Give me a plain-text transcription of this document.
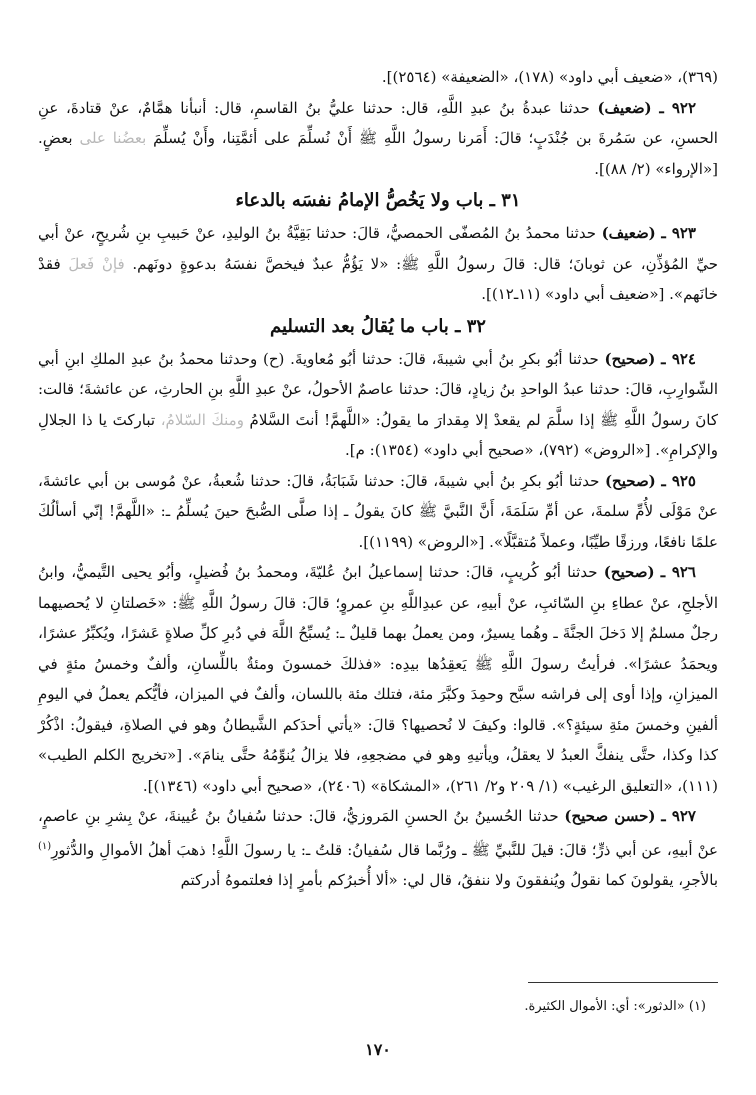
(٣٦٩)، «ضعيف أبي داود» (١٧٨)، «الضعيفة» (٢٥٦٤)].

٩٢٢ ـ (ضعيف) حدثنا عبدةُ بنُ عبدِ اللَّهِ، قال: حدثنا عليُّ بنُ القاسمِ، قال: أنبأنا همَّامٌ، عنْ قتادةَ، عنِ الحسنِ، عن سَمُرةَ بن جُنْدَبٍ؛ قالَ: أَمَرنا رسولُ اللَّهِ ﷺ أَنْ نُسلِّمَ على أئمَّتِنا، وأَنْ يُسلِّمَ بعضُنا على بعضٍ. [«الإرواء» (٢/ ٨٨)].

٣١ ـ باب ولا يَخُصُّ الإمامُ نفسَه بالدعاء

٩٢٣ ـ (ضعيف) حدثنا محمدُ بنُ المُصفّى الحمصيُّ، قالَ: حدثنا بَقِيَّةُ بنُ الوليدِ، عنْ حَبيبِ بنِ شُريحٍ، عنْ أبي حيِّ المُؤذِّنِ، عن ثوبانَ؛ قال: قالَ رسولُ اللَّهِ ﷺ: «لا يَؤُمُّ عبدٌ فيخصَّ نفسَهُ بدعوةٍ دونَهم. فإنْ فَعلَ فقدْ خانَهم». [«ضعيف أبي داود» (١١ـ١٢)].

٣٢ ـ باب ما يُقالُ بعد التسليم

٩٢٤ ـ (صحيح) حدثنا أبُو بكرِ بنُ أبي شيبةَ، قالَ: حدثنا أبُو مُعاويةَ. (ح) وحدثنا محمدُ بنُ عبدِ الملكِ ابنِ أبي الشّوارِبِ، قالَ: حدثنا عبدُ الواحدِ بنُ زيادٍ، قالَ: حدثنا عاصمٌ الأحولُ، عنْ عبدِ اللَّهِ بنِ الحارثِ، عن عائشةَ؛ قالت: كانَ رسولُ اللَّهِ ﷺ إذا سلَّمَ لم يقعدْ إلا مِقدارَ ما يقولُ: «اللَّهمَّ! أنتَ السَّلامُ ومنكَ السّلامُ، تباركتَ يا ذا الجلالِ والإكرامِ». [«الروض» (٧٩٢)، «صحيح أبي داود» (١٣٥٤): م].

٩٢٥ ـ (صحيح) حدثنا أبُو بكرِ بنُ أبي شيبةَ، قالَ: حدثنا شَبَابَةُ، قالَ: حدثنا شُعبةُ، عنْ مُوسى بن أبي عائشةَ، عنْ مَوْلَى لأُمِّ سلمةَ، عن أمِّ سَلَمَةَ، أَنَّ النَّبيَّ ﷺ كانَ يقولُ ـ إذا صلَّى الصُّبحَ حينَ يُسلِّمُ ـ: «اللَّهمَّ! إنّي أسألُكَ علمًا نافعًا، ورزقًا طيِّبًا، وعملاً مُتقبَّلًا». [«الروض» (١١٩٩)].

٩٢٦ ـ (صحيح) حدثنا أبُو كُريبٍ، قالَ: حدثنا إسماعيلُ ابنُ عُليّةَ، ومحمدُ بنُ فُضيلٍ، وأبُو يحيى التَّيميُّ، وابنُ الأجلحِ، عنْ عطاءِ بنِ السّائبِ، عنْ أبيهِ، عن عبدِاللَّهِ بنِ عمروٍ؛ قالَ: قالَ رسولُ اللَّهِ ﷺ: «خَصلتانِ لا يُحصيهما رجلٌ مسلمٌ إلا دَخلَ الجنَّةَ ـ وهُما يسيرٌ، ومن يعملُ بهما قليلٌ ـ: يُسبِّحُ اللَّهَ في دُبرِ كلِّ صلاةٍ عَشرًا، ويُكبِّرُ عشرًا، ويحمَدُ عشرًا». فرأيتُ رسولَ اللَّهِ ﷺ يَعقِدُها بيدِه: «فذلكَ خمسونَ ومئةٌ باللِّسانِ، وألفٌ وخمسُ مئةٍ في الميزانِ، وإذا أوى إلى فراشه سبَّح وحمِدَ وكبَّرَ مئة، فتلك مئة باللسان، وألفٌ في الميزان، فأيُّكم يعملُ في اليومِ ألفينِ وخمسَ مئةِ سيئةٍ؟». قالوا: وكيفَ لا نُحصيها؟ قالَ: «يأتي أحدَكم الشَّيطانُ وهو في الصلاةِ، فيقولُ: اذْكُرْ كذا وكذا، حتَّى ينفكَّ العبدُ لا يعقلُ، ويأتيهِ وهو في مضجعِهِ، فلا يزالُ يُنوِّمُهُ حتَّى ينامَ». [«تخريج الكلم الطيب» (١١١)، «التعليق الرغيب» (١/ ٢٠٩ و٢/ ٢٦١)، «المشكاة» (٢٤٠٦)، «صحيح أبي داود» (١٣٤٦)].

٩٢٧ ـ (حسن صحيح) حدثنا الحُسينُ بنُ الحسنِ المَروزيُّ، قالَ: حدثنا سُفيانُ بنُ عُيينةَ، عنْ بِشرِ بنِ عاصمٍ، عنْ أبيهِ، عن أبي ذرٍّ؛ قالَ: قيلَ للنَّبيِّ ﷺ ـ ورُبَّما قال سُفيانُ: قلتُ ـ: يا رسولَ اللَّهِ! ذهبَ أهلُ الأموالِ والدُّثورِ$^{(١)}$ بالأجرِ، يقولونَ كما نقولُ ويُنفقونَ ولا ننفقُ، قال لي: «ألا أُخبرُكم بأمرٍ إذا فعلتموهُ أدركتم

(١) «الدثور»: أي: الأموال الكثيرة.
١٧٠
